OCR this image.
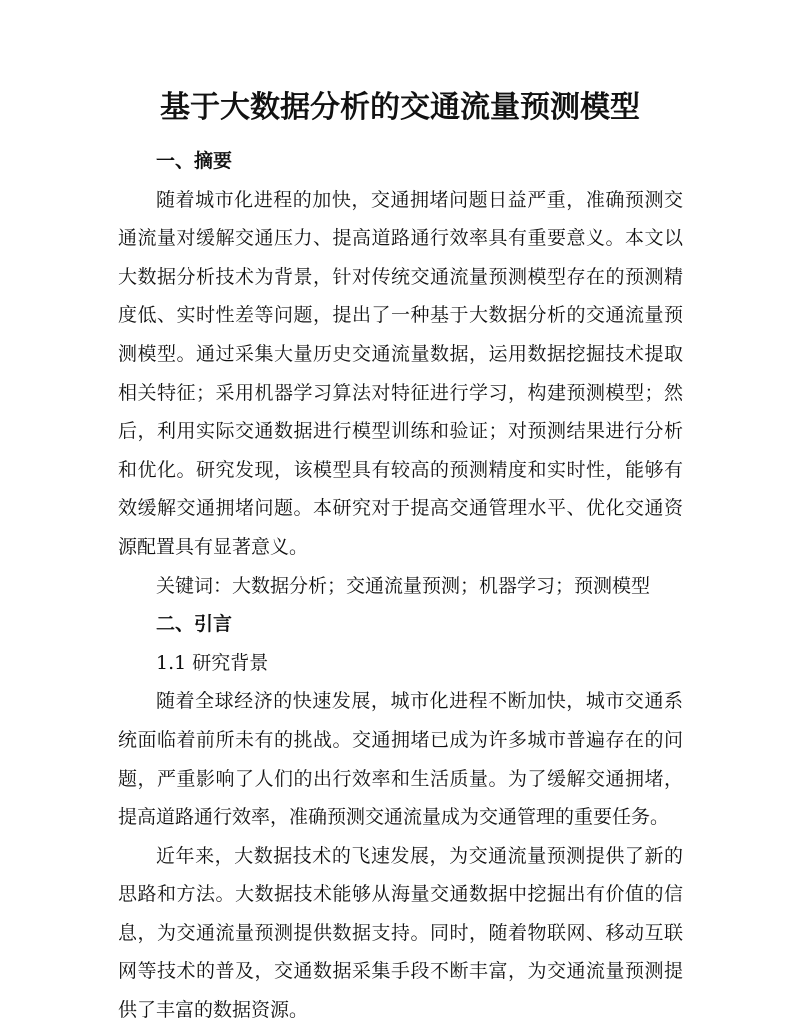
基于大数据分析的交通流量预测模型

一、摘要

随着城市化进程的加快，交通拥堵问题日益严重，准确预测交通流量对缓解交通压力、提高道路通行效率具有重要意义。本文以大数据分析技术为背景，针对传统交通流量预测模型存在的预测精度低、实时性差等问题，提出了一种基于大数据分析的交通流量预测模型。通过采集大量历史交通流量数据，运用数据挖掘技术提取相关特征；采用机器学习算法对特征进行学习，构建预测模型；然后，利用实际交通数据进行模型训练和验证；对预测结果进行分析和优化。研究发现，该模型具有较高的预测精度和实时性，能够有效缓解交通拥堵问题。本研究对于提高交通管理水平、优化交通资源配置具有显著意义。

关键词：大数据分析；交通流量预测；机器学习；预测模型

二、引言

1.1 研究背景

随着全球经济的快速发展，城市化进程不断加快，城市交通系统面临着前所未有的挑战。交通拥堵已成为许多城市普遍存在的问题，严重影响了人们的出行效率和生活质量。为了缓解交通拥堵，提高道路通行效率，准确预测交通流量成为交通管理的重要任务。

近年来，大数据技术的飞速发展，为交通流量预测提供了新的思路和方法。大数据技术能够从海量交通数据中挖掘出有价值的信息，为交通流量预测提供数据支持。同时，随着物联网、移动互联网等技术的普及，交通数据采集手段不断丰富，为交通流量预测提供了丰富的数据资源。
